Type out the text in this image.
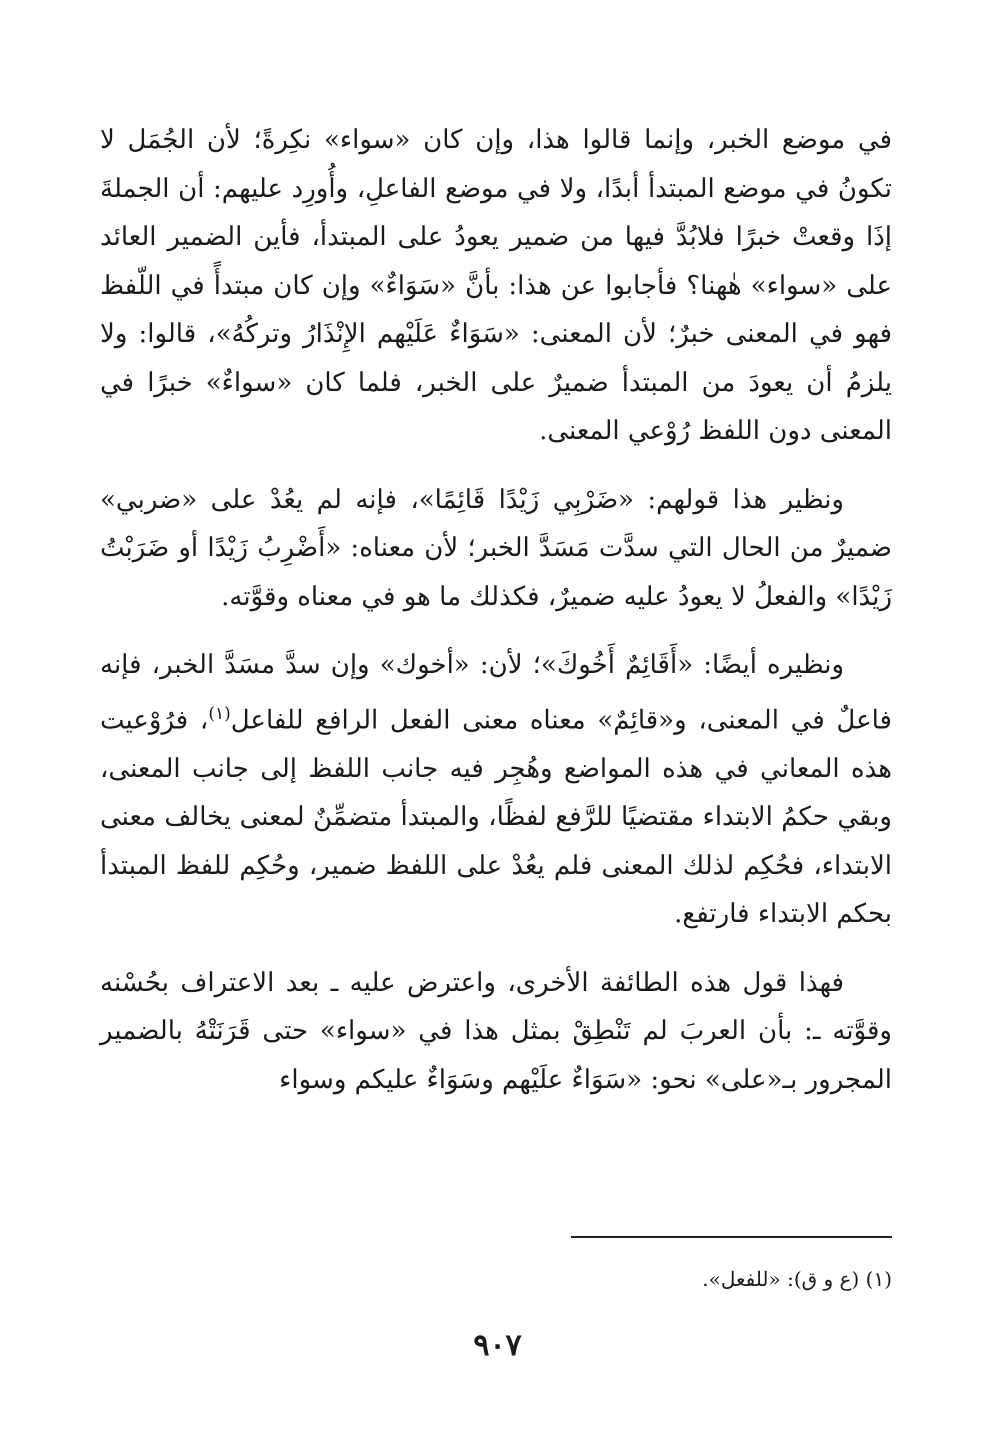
في موضع الخبر، وإنما قالوا هذا، وإن كان «سواء» نكِرةً؛ لأن الجُمَل لا تكونُ في موضع المبتدأ أبدًا، ولا في موضع الفاعلِ، وأُورِد عليهم: أن الجملةَ إذَا وقعتْ خبرًا فلابُدَّ فيها من ضمير يعودُ على المبتدأ، فأين الضمير العائد على «سواء» هٰهنا؟ فأجابوا عن هذا: بأنَّ «سَوَاءٌ» وإن كان مبتدأً في اللّفظ فهو في المعنى خبرٌ؛ لأن المعنى: «سَوَاءٌ عَلَيْهم الإِنْذَارُ وتركُهُ»، قالوا: ولا يلزمُ أن يعودَ من المبتدأ ضميرٌ على الخبر، فلما كان «سواءٌ» خبرًا في المعنى دون اللفظ رُوْعي المعنى.

ونظير هذا قولهم: «ضَرْبِي زَيْدًا قَائِمًا»، فإنه لم يعُدْ على «ضربي» ضميرٌ من الحال التي سدَّت مَسَدَّ الخبر؛ لأن معناه: «أَضْرِبُ زَيْدًا أو ضَرَبْتُ زَيْدًا» والفعلُ لا يعودُ عليه ضميرٌ، فكذلك ما هو في معناه وقوَّته.

ونظيره أيضًا: «أَقَائِمٌ أَخُوكَ»؛ لأن: «أخوك» وإن سدَّ مسَدَّ الخبر، فإنه فاعلٌ في المعنى، و«قائِمٌ» معناه معنى الفعل الرافع للفاعل$^{(١)}$، فرُوْعيت هذه المعاني في هذه المواضع وهُجِر فيه جانب اللفظ إلى جانب المعنى، وبقي حكمُ الابتداء مقتضيًا للرَّفع لفظًا، والمبتدأ متضمِّنٌ لمعنى يخالف معنى الابتداء، فحُكِم لذلك المعنى فلم يعُدْ على اللفظ ضمير، وحُكِم للفظ المبتدأ بحكم الابتداء فارتفع.

فهذا قول هذه الطائفة الأخرى، واعترض عليه ـ بعد الاعتراف بحُسْنه وقوَّته ـ: بأن العربَ لم تَنْطِقْ بمثل هذا في «سواء» حتى قَرَنَتْهُ بالضمير المجرور بـ«على» نحو: «سَوَاءٌ علَيْهم وسَوَاءٌ عليكم وسواء

(١) (ع و ق): «للفعل».

٩٠٧
